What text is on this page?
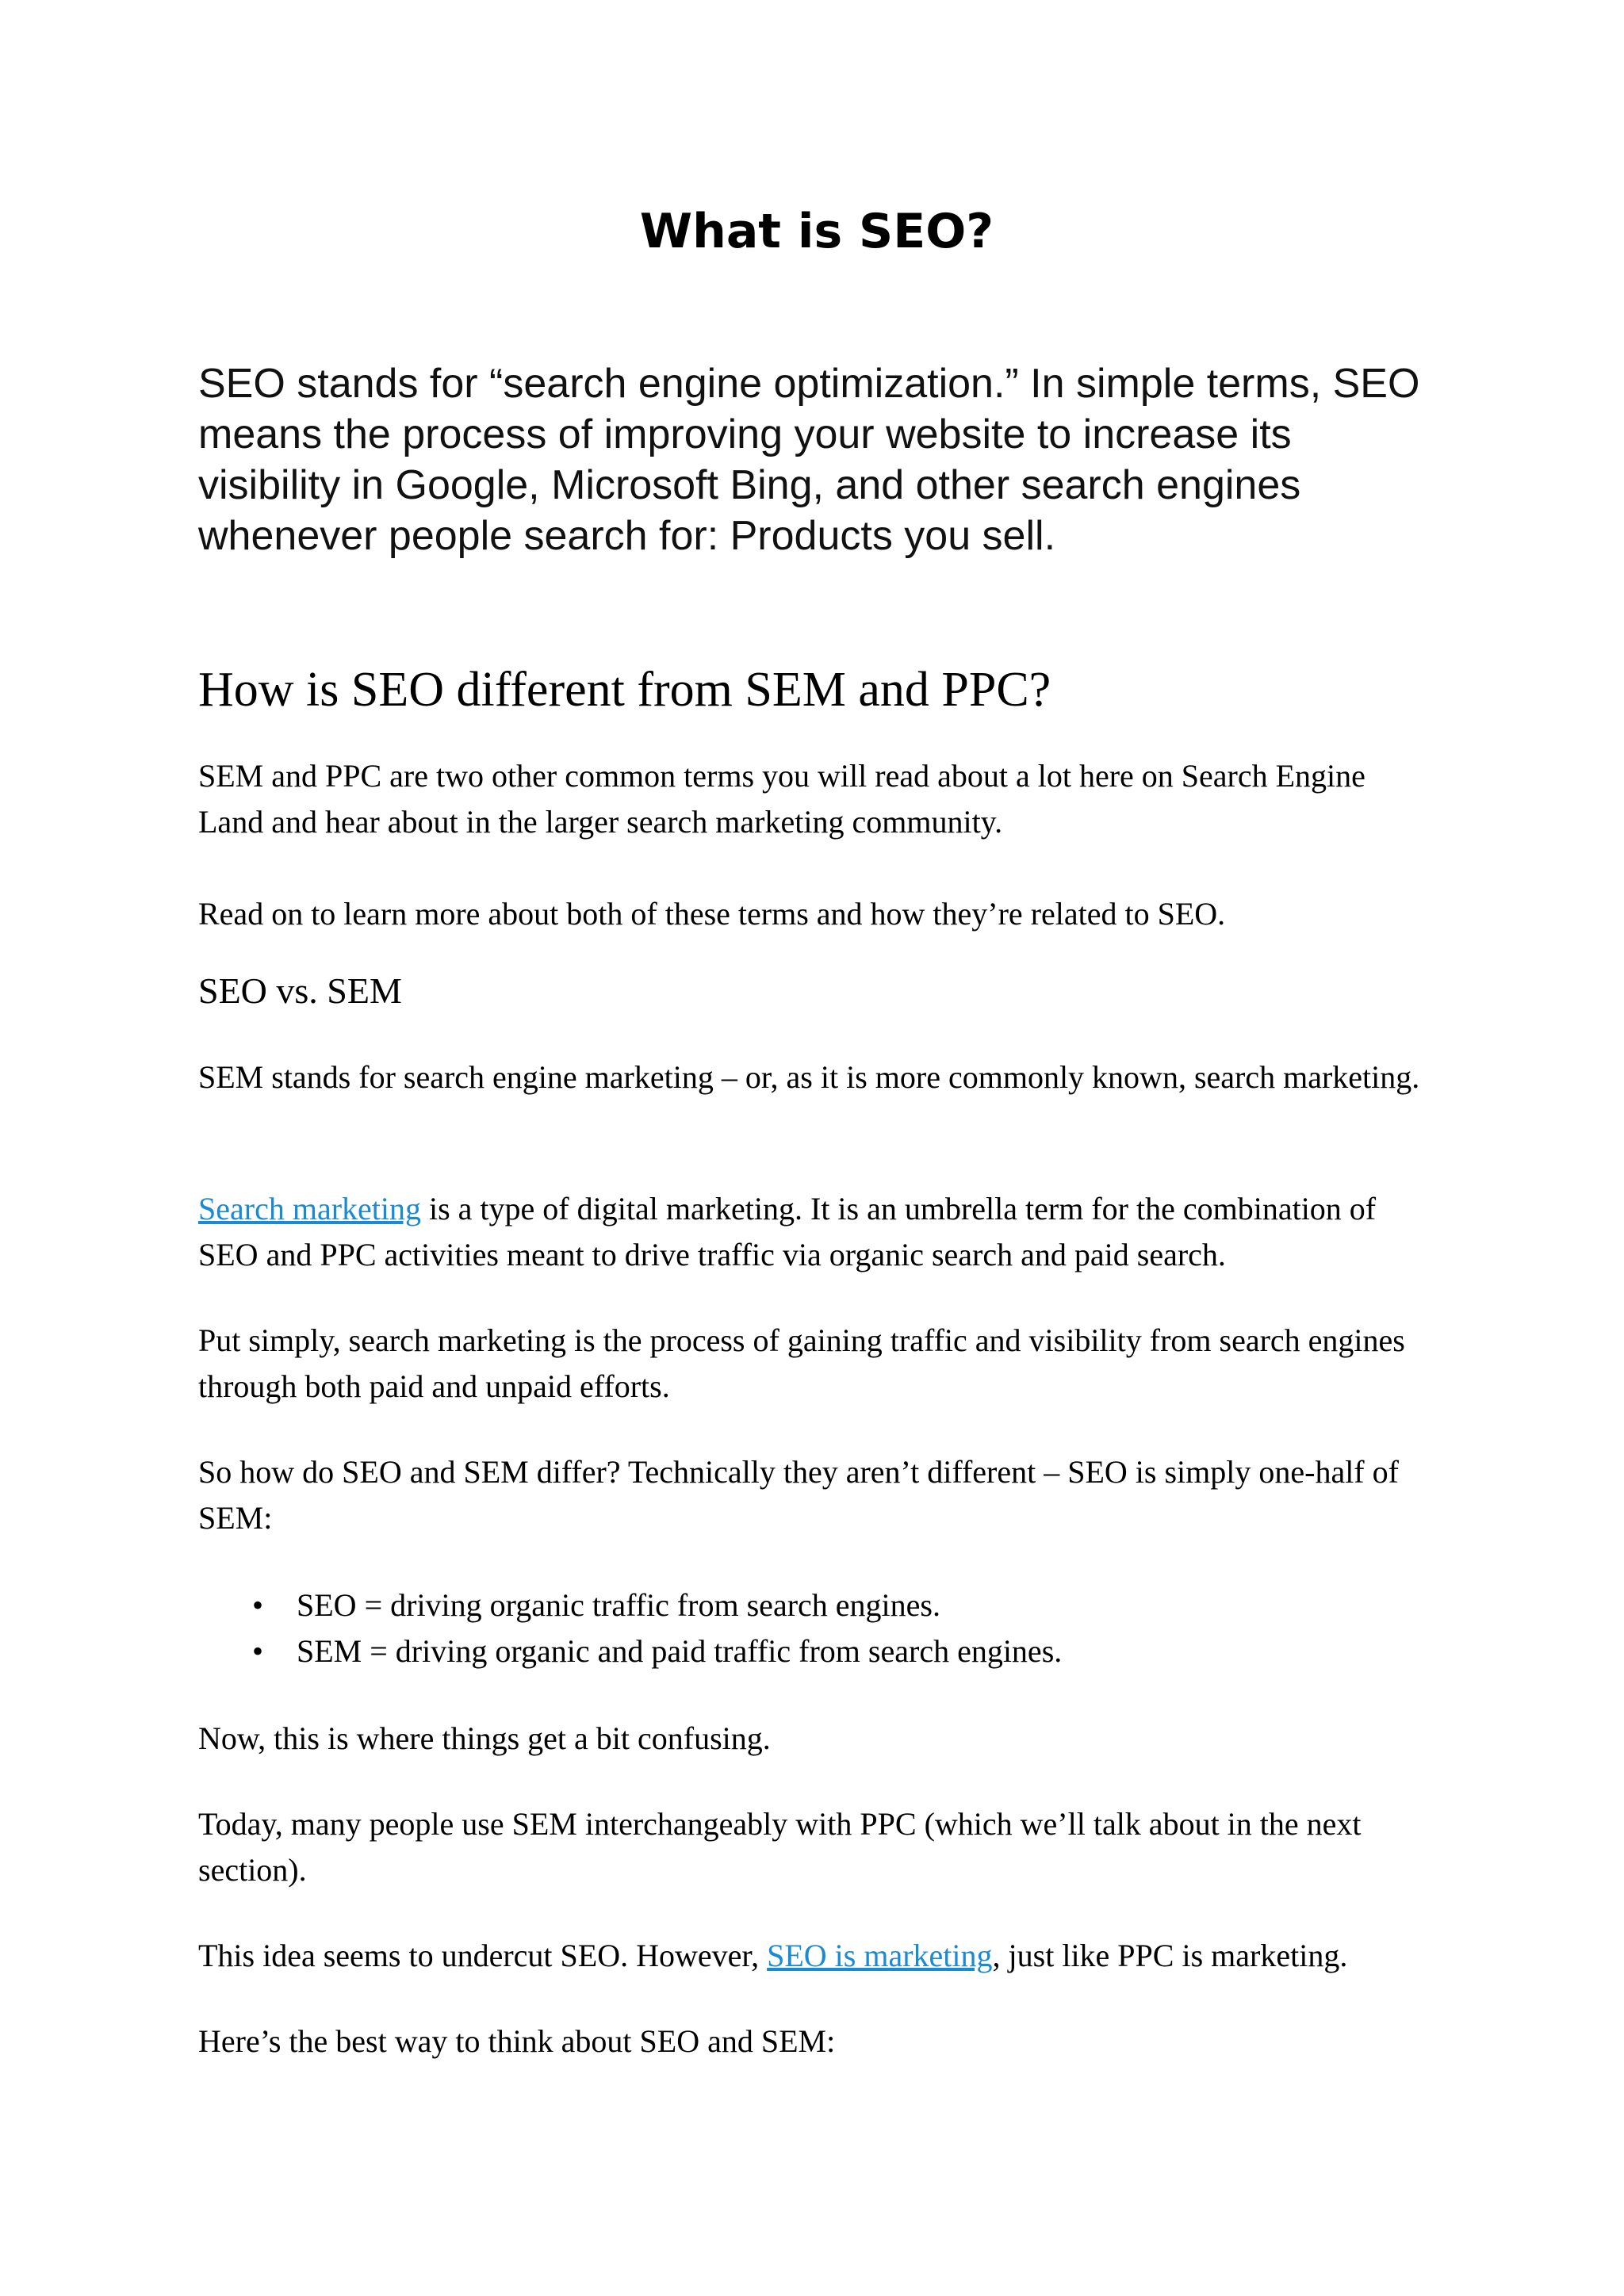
What is SEO?

SEO stands for “search engine optimization.” In simple terms, SEO means the process of improving your website to increase its visibility in Google, Microsoft Bing, and other search engines whenever people search for: Products you sell.

How is SEO different from SEM and PPC?

SEM and PPC are two other common terms you will read about a lot here on Search Engine Land and hear about in the larger search marketing community.

Read on to learn more about both of these terms and how they’re related to SEO.

SEO vs. SEM

SEM stands for search engine marketing – or, as it is more commonly known, search marketing.

Search marketing is a type of digital marketing. It is an umbrella term for the combination of SEO and PPC activities meant to drive traffic via organic search and paid search.

Put simply, search marketing is the process of gaining traffic and visibility from search engines through both paid and unpaid efforts.

So how do SEO and SEM differ? Technically they aren’t different – SEO is simply one-half of SEM:

• SEO = driving organic traffic from search engines.
• SEM = driving organic and paid traffic from search engines.

Now, this is where things get a bit confusing.

Today, many people use SEM interchangeably with PPC (which we’ll talk about in the next section).

This idea seems to undercut SEO. However, SEO is marketing, just like PPC is marketing.

Here’s the best way to think about SEO and SEM:
